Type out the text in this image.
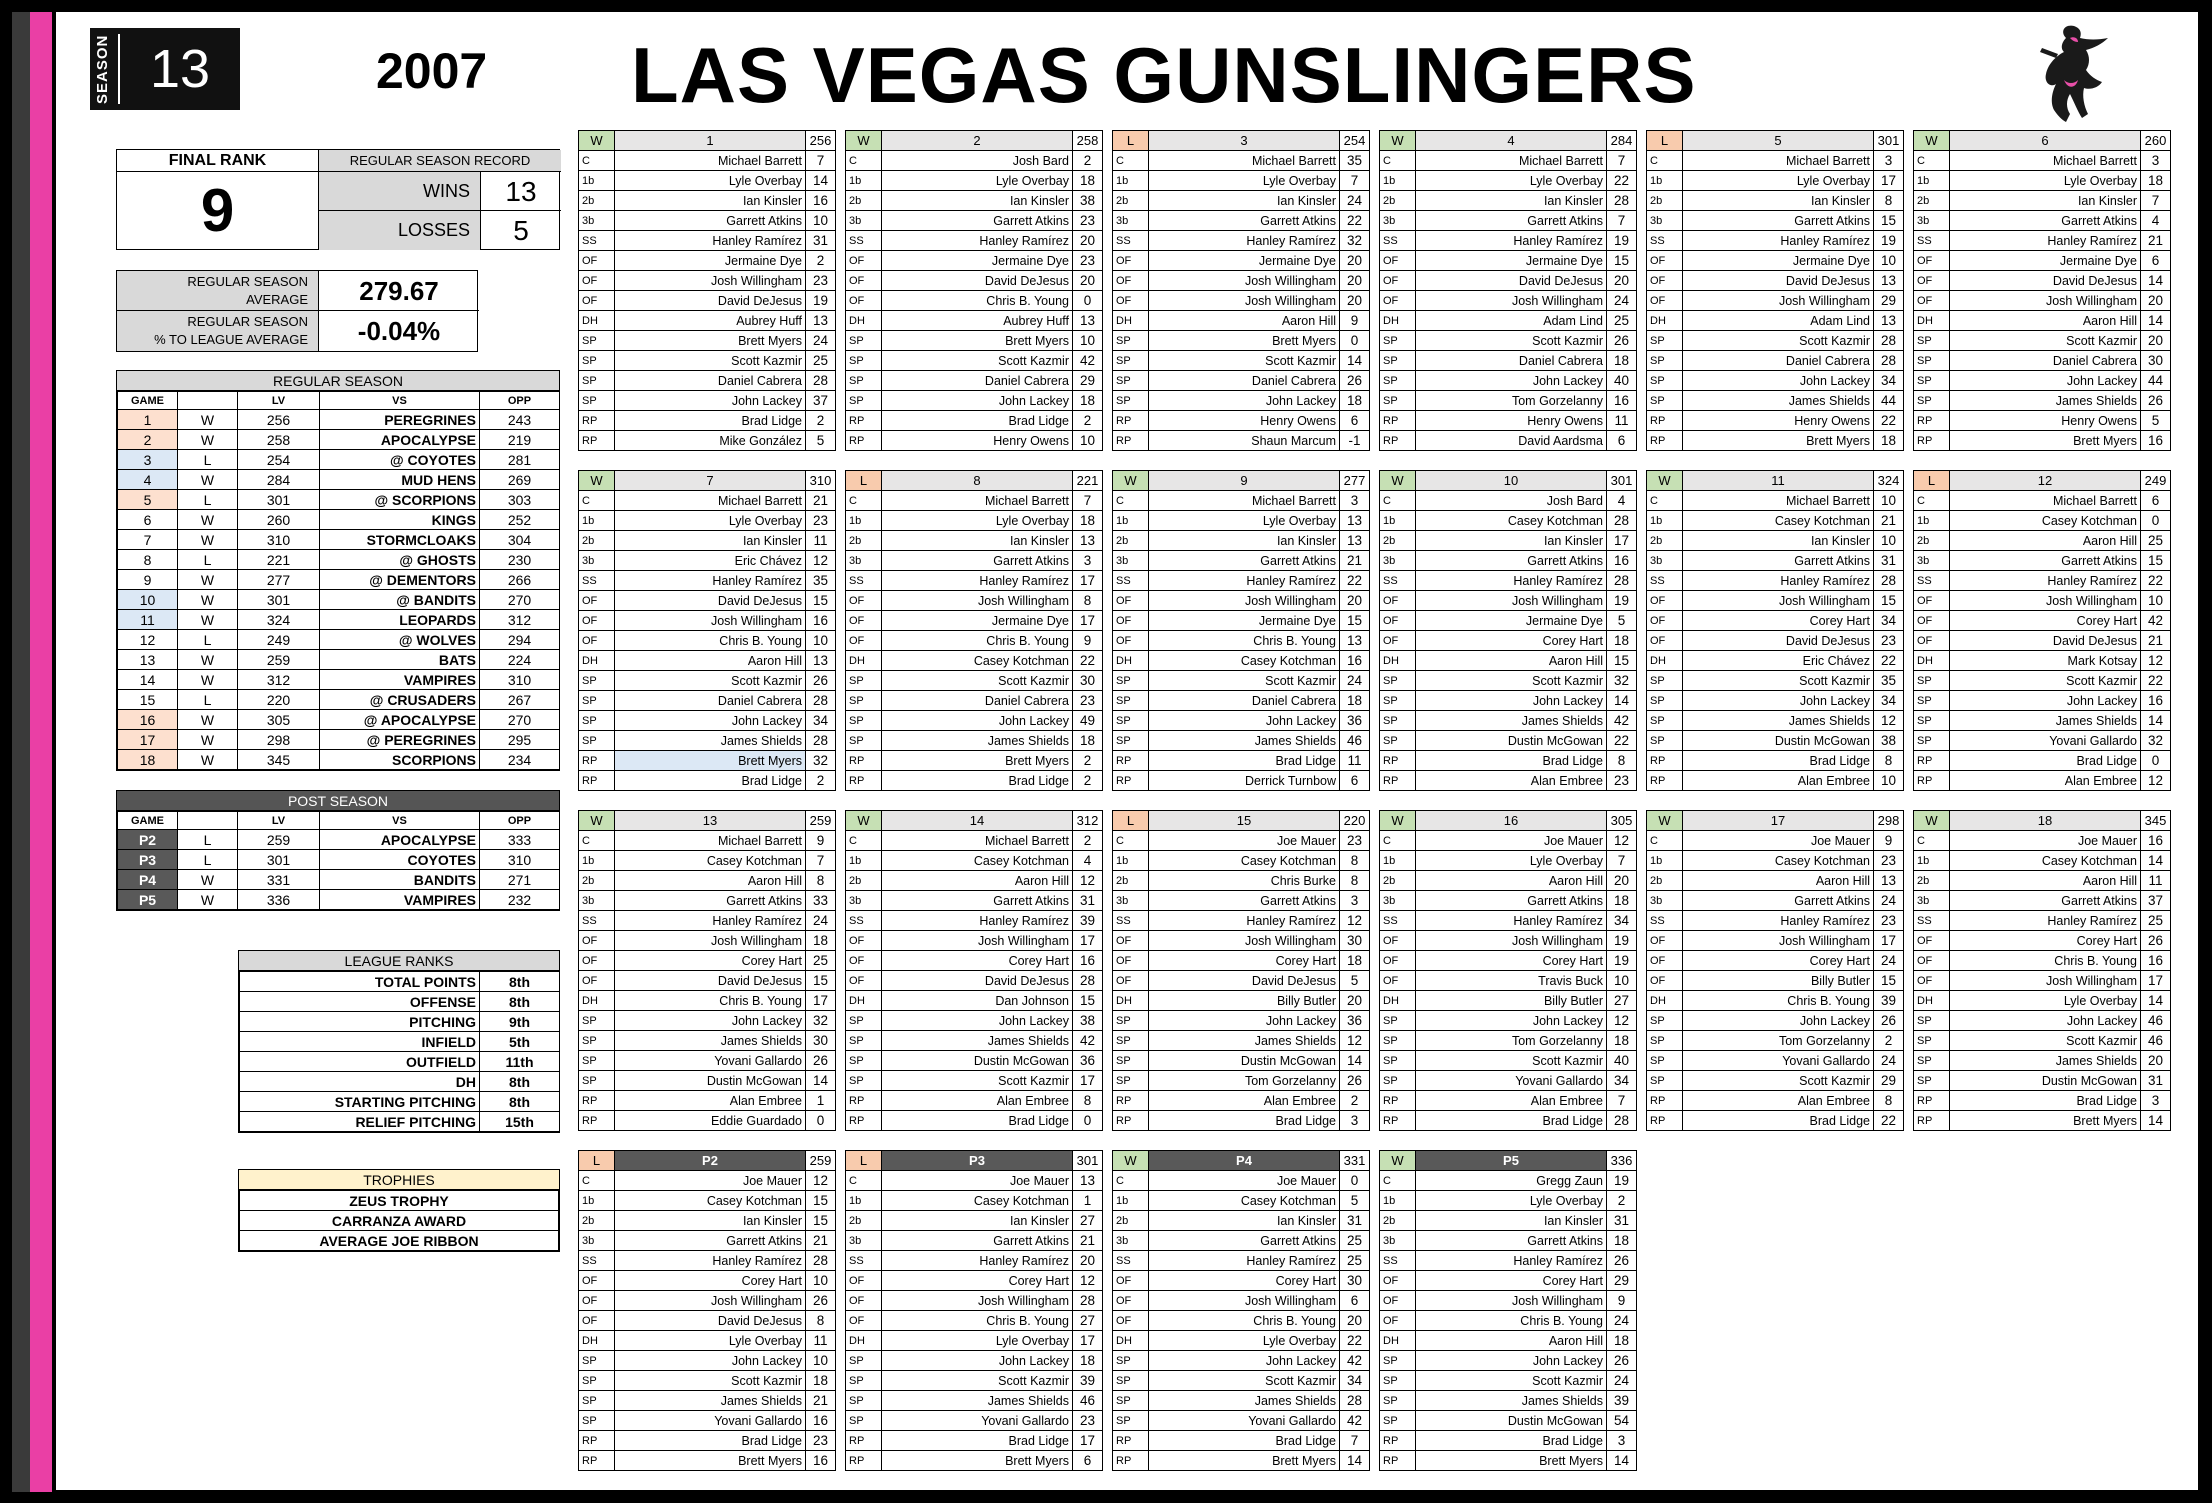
SEASON 13	2007 LAS VEGAS GUNSLINGERS
FINAL RANK
9
REGULAR SEASON RECORD
WINS	13
LOSSES	5
REGULAR SEASON
AVERAGE	279.67
REGULAR SEASON
% TO LEAGUE AVERAGE	-0.04%
REGULAR SEASON
GAME		LV	VS	OPP
1	W	256	PEREGRINES	243
2	W	258	APOCALYPSE	219
3	L	254	@ COYOTES	281
4	W	284	MUD HENS	269
5	L	301	@ SCORPIONS	303
6	W	260	KINGS	252
7	W	310	STORMCLOAKS	304
8	L	221	@ GHOSTS	230
9	W	277	@ DEMENTORS	266
10	W	301	@ BANDITS	270
11	W	324	LEOPARDS	312
12	L	249	@ WOLVES	294
13	W	259	BATS	224
14	W	312	VAMPIRES	310
15	L	220	@ CRUSADERS	267
16	W	305	@ APOCALYPSE	270
17	W	298	@ PEREGRINES	295
18	W	345	SCORPIONS	234
POST SEASON
GAME		LV	VS	OPP
P2	L	259	APOCALYPSE	333
P3	L	301	COYOTES	310
P4	W	331	BANDITS	271
P5	W	336	VAMPIRES	232
LEAGUE RANKS
TOTAL POINTS	8th
OFFENSE	8th
PITCHING	9th
INFIELD	5th
OUTFIELD	11th
DH	8th
STARTING PITCHING	8th
RELIEF PITCHING	15th
TROPHIES
ZEUS TROPHY
CARRANZA AWARD
AVERAGE JOE RIBBON
W	1	256
C	Michael Barrett	7
1b	Lyle Overbay	14
2b	Ian Kinsler	16
3b	Garrett Atkins	10
SS	Hanley Ramírez	31
OF	Jermaine Dye	2
OF	Josh Willingham	23
OF	David DeJesus	19
DH	Aubrey Huff	13
SP	Brett Myers	24
SP	Scott Kazmir	25
SP	Daniel Cabrera	28
SP	John Lackey	37
RP	Brad Lidge	2
RP	Mike González	5
W	2	258
C	Josh Bard	2
1b	Lyle Overbay	18
2b	Ian Kinsler	38
3b	Garrett Atkins	23
SS	Hanley Ramírez	20
OF	Jermaine Dye	23
OF	David DeJesus	20
OF	Chris B. Young	0
DH	Aubrey Huff	13
SP	Brett Myers	10
SP	Scott Kazmir	42
SP	Daniel Cabrera	29
SP	John Lackey	18
RP	Brad Lidge	2
RP	Henry Owens	10
L	3	254
C	Michael Barrett	35
1b	Lyle Overbay	7
2b	Ian Kinsler	24
3b	Garrett Atkins	22
SS	Hanley Ramírez	32
OF	Jermaine Dye	20
OF	Josh Willingham	20
OF	Josh Willingham	20
DH	Aaron Hill	9
SP	Brett Myers	0
SP	Scott Kazmir	14
SP	Daniel Cabrera	26
SP	John Lackey	18
RP	Henry Owens	6
RP	Shaun Marcum	-1
W	4	284
C	Michael Barrett	7
1b	Lyle Overbay	22
2b	Ian Kinsler	28
3b	Garrett Atkins	7
SS	Hanley Ramírez	19
OF	Jermaine Dye	15
OF	David DeJesus	20
OF	Josh Willingham	24
DH	Adam Lind	25
SP	Scott Kazmir	26
SP	Daniel Cabrera	18
SP	John Lackey	40
SP	Tom Gorzelanny	16
RP	Henry Owens	11
RP	David Aardsma	6
L	5	301
C	Michael Barrett	3
1b	Lyle Overbay	17
2b	Ian Kinsler	8
3b	Garrett Atkins	15
SS	Hanley Ramírez	19
OF	Jermaine Dye	10
OF	David DeJesus	13
OF	Josh Willingham	29
DH	Adam Lind	13
SP	Scott Kazmir	28
SP	Daniel Cabrera	28
SP	John Lackey	34
SP	James Shields	44
RP	Henry Owens	22
RP	Brett Myers	18
W	6	260
C	Michael Barrett	3
1b	Lyle Overbay	18
2b	Ian Kinsler	7
3b	Garrett Atkins	4
SS	Hanley Ramírez	21
OF	Jermaine Dye	6
OF	David DeJesus	14
OF	Josh Willingham	20
DH	Aaron Hill	14
SP	Scott Kazmir	20
SP	Daniel Cabrera	30
SP	John Lackey	44
SP	James Shields	26
RP	Henry Owens	5
RP	Brett Myers	16
W	7	310
C	Michael Barrett	21
1b	Lyle Overbay	23
2b	Ian Kinsler	11
3b	Eric Chávez	12
SS	Hanley Ramírez	35
OF	David DeJesus	15
OF	Josh Willingham	16
OF	Chris B. Young	10
DH	Aaron Hill	13
SP	Scott Kazmir	26
SP	Daniel Cabrera	28
SP	John Lackey	34
SP	James Shields	28
RP	Brett Myers	32
RP	Brad Lidge	2
L	8	221
C	Michael Barrett	7
1b	Lyle Overbay	18
2b	Ian Kinsler	13
3b	Garrett Atkins	3
SS	Hanley Ramírez	17
OF	Josh Willingham	8
OF	Jermaine Dye	17
OF	Chris B. Young	9
DH	Casey Kotchman	22
SP	Scott Kazmir	30
SP	Daniel Cabrera	23
SP	John Lackey	49
SP	James Shields	18
RP	Brett Myers	2
RP	Brad Lidge	2
W	9	277
C	Michael Barrett	3
1b	Lyle Overbay	13
2b	Ian Kinsler	13
3b	Garrett Atkins	21
SS	Hanley Ramírez	22
OF	Josh Willingham	20
OF	Jermaine Dye	15
OF	Chris B. Young	13
DH	Casey Kotchman	16
SP	Scott Kazmir	24
SP	Daniel Cabrera	18
SP	John Lackey	36
SP	James Shields	46
RP	Brad Lidge	11
RP	Derrick Turnbow	6
W	10	301
C	Josh Bard	4
1b	Casey Kotchman	28
2b	Ian Kinsler	17
3b	Garrett Atkins	16
SS	Hanley Ramírez	28
OF	Josh Willingham	19
OF	Jermaine Dye	5
OF	Corey Hart	18
DH	Aaron Hill	15
SP	Scott Kazmir	32
SP	John Lackey	14
SP	James Shields	42
SP	Dustin McGowan	22
RP	Brad Lidge	8
RP	Alan Embree	23
W	11	324
C	Michael Barrett	10
1b	Casey Kotchman	21
2b	Ian Kinsler	10
3b	Garrett Atkins	31
SS	Hanley Ramírez	28
OF	Josh Willingham	15
OF	Corey Hart	34
OF	David DeJesus	23
DH	Eric Chávez	22
SP	Scott Kazmir	35
SP	John Lackey	34
SP	James Shields	12
SP	Dustin McGowan	38
RP	Brad Lidge	8
RP	Alan Embree	10
L	12	249
C	Michael Barrett	6
1b	Casey Kotchman	0
2b	Aaron Hill	25
3b	Garrett Atkins	15
SS	Hanley Ramírez	22
OF	Josh Willingham	10
OF	Corey Hart	42
OF	David DeJesus	21
DH	Mark Kotsay	12
SP	Scott Kazmir	22
SP	John Lackey	16
SP	James Shields	14
SP	Yovani Gallardo	32
RP	Brad Lidge	0
RP	Alan Embree	12
W	13	259
C	Michael Barrett	9
1b	Casey Kotchman	7
2b	Aaron Hill	8
3b	Garrett Atkins	33
SS	Hanley Ramírez	24
OF	Josh Willingham	18
OF	Corey Hart	25
OF	David DeJesus	15
DH	Chris B. Young	17
SP	John Lackey	32
SP	James Shields	30
SP	Yovani Gallardo	26
SP	Dustin McGowan	14
RP	Alan Embree	1
RP	Eddie Guardado	0
W	14	312
C	Michael Barrett	2
1b	Casey Kotchman	4
2b	Aaron Hill	12
3b	Garrett Atkins	31
SS	Hanley Ramírez	39
OF	Josh Willingham	17
OF	Corey Hart	16
OF	David DeJesus	28
DH	Dan Johnson	15
SP	John Lackey	38
SP	James Shields	42
SP	Dustin McGowan	36
SP	Scott Kazmir	17
RP	Alan Embree	8
RP	Brad Lidge	0
L	15	220
C	Joe Mauer	23
1b	Casey Kotchman	8
2b	Chris Burke	8
3b	Garrett Atkins	3
SS	Hanley Ramírez	12
OF	Josh Willingham	30
OF	Corey Hart	18
OF	David DeJesus	5
DH	Billy Butler	20
SP	John Lackey	36
SP	James Shields	12
SP	Dustin McGowan	14
SP	Tom Gorzelanny	26
RP	Alan Embree	2
RP	Brad Lidge	3
W	16	305
C	Joe Mauer	12
1b	Lyle Overbay	7
2b	Aaron Hill	20
3b	Garrett Atkins	18
SS	Hanley Ramírez	34
OF	Josh Willingham	19
OF	Corey Hart	19
OF	Travis Buck	10
DH	Billy Butler	27
SP	John Lackey	12
SP	Tom Gorzelanny	18
SP	Scott Kazmir	40
SP	Yovani Gallardo	34
RP	Alan Embree	7
RP	Brad Lidge	28
W	17	298
C	Joe Mauer	9
1b	Casey Kotchman	23
2b	Aaron Hill	13
3b	Garrett Atkins	24
SS	Hanley Ramírez	23
OF	Josh Willingham	17
OF	Corey Hart	24
OF	Billy Butler	15
DH	Chris B. Young	39
SP	John Lackey	26
SP	Tom Gorzelanny	2
SP	Yovani Gallardo	24
SP	Scott Kazmir	29
RP	Alan Embree	8
RP	Brad Lidge	22
W	18	345
C	Joe Mauer	16
1b	Casey Kotchman	14
2b	Aaron Hill	11
3b	Garrett Atkins	37
SS	Hanley Ramírez	25
OF	Corey Hart	26
OF	Chris B. Young	16
OF	Josh Willingham	17
DH	Lyle Overbay	14
SP	John Lackey	46
SP	Scott Kazmir	46
SP	James Shields	20
SP	Dustin McGowan	31
RP	Brad Lidge	3
RP	Brett Myers	14
L	P2	259
C	Joe Mauer	12
1b	Casey Kotchman	15
2b	Ian Kinsler	15
3b	Garrett Atkins	21
SS	Hanley Ramírez	28
OF	Corey Hart	10
OF	Josh Willingham	26
OF	David DeJesus	8
DH	Lyle Overbay	11
SP	John Lackey	10
SP	Scott Kazmir	18
SP	James Shields	21
SP	Yovani Gallardo	16
RP	Brad Lidge	23
RP	Brett Myers	16
L	P3	301
C	Joe Mauer	13
1b	Casey Kotchman	1
2b	Ian Kinsler	27
3b	Garrett Atkins	21
SS	Hanley Ramírez	20
OF	Corey Hart	12
OF	Josh Willingham	28
OF	Chris B. Young	27
DH	Lyle Overbay	17
SP	John Lackey	18
SP	Scott Kazmir	39
SP	James Shields	46
SP	Yovani Gallardo	23
RP	Brad Lidge	17
RP	Brett Myers	6
W	P4	331
C	Joe Mauer	0
1b	Casey Kotchman	5
2b	Ian Kinsler	31
3b	Garrett Atkins	25
SS	Hanley Ramírez	25
OF	Corey Hart	30
OF	Josh Willingham	6
OF	Chris B. Young	20
DH	Lyle Overbay	22
SP	John Lackey	42
SP	Scott Kazmir	34
SP	James Shields	28
SP	Yovani Gallardo	42
RP	Brad Lidge	7
RP	Brett Myers	14
W	P5	336
C	Gregg Zaun	19
1b	Lyle Overbay	2
2b	Ian Kinsler	31
3b	Garrett Atkins	18
SS	Hanley Ramírez	26
OF	Corey Hart	29
OF	Josh Willingham	9
OF	Chris B. Young	24
DH	Aaron Hill	18
SP	John Lackey	26
SP	Scott Kazmir	24
SP	James Shields	39
SP	Dustin McGowan	54
RP	Brad Lidge	3
RP	Brett Myers	14
